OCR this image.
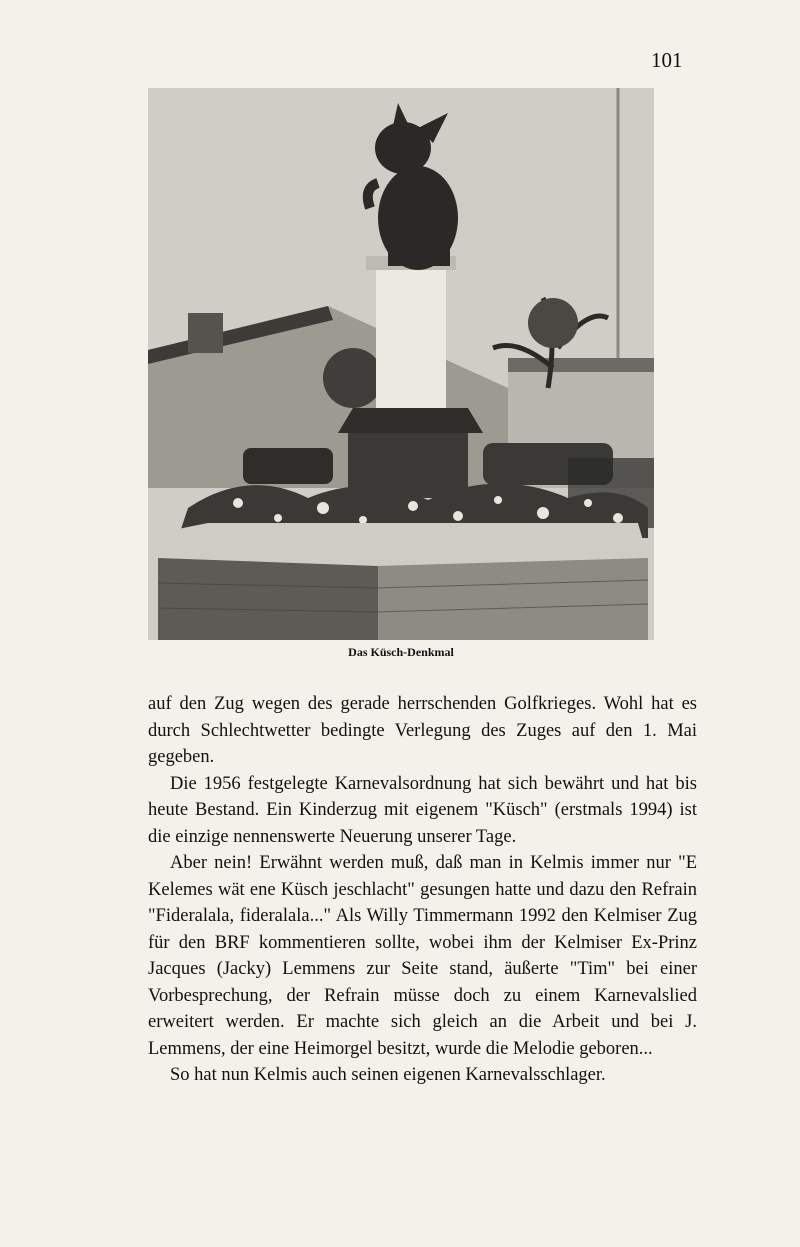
101
Das Küsch-Denkmal

auf den Zug wegen des gerade herrschenden Golfkrieges. Wohl hat es durch Schlechtwetter bedingte Verlegung des Zuges auf den 1. Mai gegeben.

Die 1956 festgelegte Karnevalsordnung hat sich bewährt und hat bis heute Bestand. Ein Kinderzug mit eigenem "Küsch" (erstmals 1994) ist die einzige nennenswerte Neuerung unserer Tage.

Aber nein! Erwähnt werden muß, daß man in Kelmis immer nur "E Kelemes wät ene Küsch jeschlacht" gesungen hatte und dazu den Refrain "Fideralala, fideralala..." Als Willy Timmermann 1992 den Kelmiser Zug für den BRF kommentieren sollte, wobei ihm der Kelmiser Ex-Prinz Jacques (Jacky) Lemmens zur Seite stand, äußerte "Tim" bei einer Vorbesprechung, der Refrain müsse doch zu einem Karnevalslied erweitert werden. Er machte sich gleich an die Arbeit und bei J. Lemmens, der eine Heimorgel besitzt, wurde die Melodie geboren...

So hat nun Kelmis auch seinen eigenen Karnevalsschlager.
